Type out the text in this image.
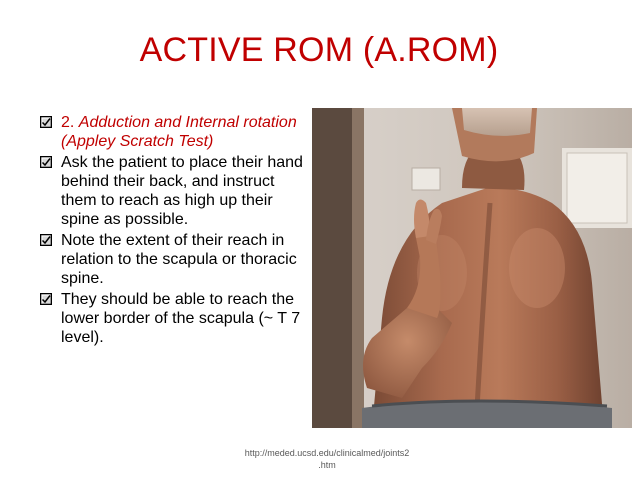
ACTIVE ROM (A.ROM)
2. Adduction and Internal rotation (Appley Scratch Test)
Ask the patient to place their hand behind their back, and instruct them to reach as high up their spine as possible.
Note the extent of their reach in relation to the scapula or thoracic spine.
They should be able to reach the lower border of the scapula (~ T 7 level).
http://meded.ucsd.edu/clinicalmed/joints2
.htm
